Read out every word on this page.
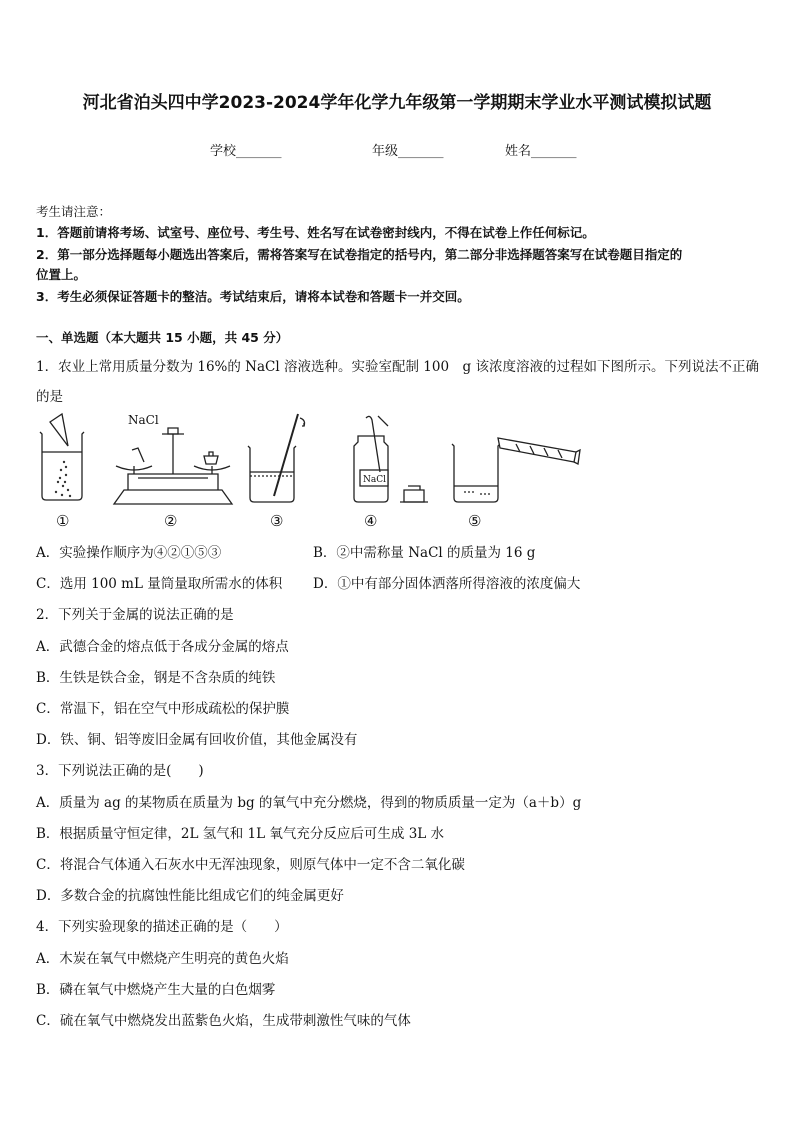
河北省泊头四中学2023-2024学年化学九年级第一学期期末学业水平测试模拟试题
学校_______	年级_______	姓名_______
考生请注意：
1．答题前请将考场、试室号、座位号、考生号、姓名写在试卷密封线内，不得在试卷上作任何标记。
2．第一部分选择题每小题选出答案后，需将答案写在试卷指定的括号内，第二部分非选择题答案写在试卷题目指定的
位置上。
3．考生必须保证答题卡的整洁。考试结束后，请将本试卷和答题卡一并交回。
一、单选题（本大题共 15 小题，共 45 分）
1．农业上常用质量分数为 16%的 NaCl 溶液选种。实验室配制 100　g 该浓度溶液的过程如下图所示。下列说法不正确
的是
NaCl
NaCl
①	②	③	④	⑤
A．实验操作顺序为④②①⑤③	B．②中需称量 NaCl 的质量为 16 g
C．选用 100 mL 量筒量取所需水的体积 D．①中有部分固体洒落所得溶液的浓度偏大
2．下列关于金属的说法正确的是
A．武德合金的熔点低于各成分金属的熔点
B．生铁是铁合金，钢是不含杂质的纯铁
C．常温下，铝在空气中形成疏松的保护膜
D．铁、铜、铝等废旧金属有回收价值，其他金属没有
3．下列说法正确的是(　　)
A．质量为 ag 的某物质在质量为 bg 的氧气中充分燃烧，得到的物质质量一定为（a＋b）g
B．根据质量守恒定律，2L 氢气和 1L 氧气充分反应后可生成 3L 水
C．将混合气体通入石灰水中无浑浊现象，则原气体中一定不含二氧化碳
D．多数合金的抗腐蚀性能比组成它们的纯金属更好
4．下列实验现象的描述正确的是（　　）
A．木炭在氧气中燃烧产生明亮的黄色火焰
B．磷在氧气中燃烧产生大量的白色烟雾
C．硫在氧气中燃烧发出蓝紫色火焰，生成带刺激性气味的气体
